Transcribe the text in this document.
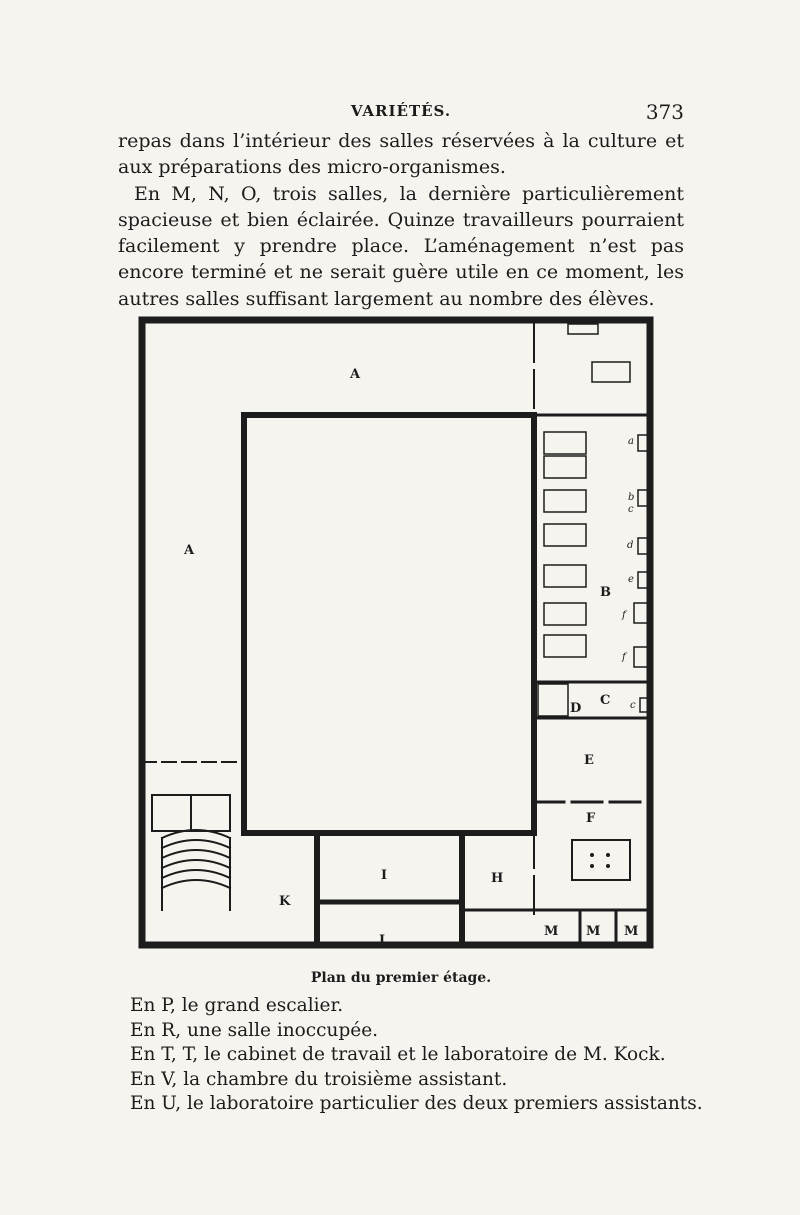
VARIÉTÉS.	373

repas dans l’intérieur des salles réservées à la culture et aux préparations des micro-organismes.

En M, N, O, trois salles, la dernière particulièrement spacieuse et bien éclairée. Quinze travailleurs pourraient facilement y prendre place. L’aménagement n’est pas encore terminé et ne serait guère utile en ce moment, les autres salles suffisant largement au nombre des élèves.

A
A
B
C
D
E
F
H
I
K
L
M M M
a
b
c
d
e
f
f
c
Plan du premier étage.
En P, le grand escalier.
En R, une salle inoccupée.
En T, T, le cabinet de travail et le laboratoire de M. Kock.
En V, la chambre du troisième assistant.
En U, le laboratoire particulier des deux premiers assistants.
